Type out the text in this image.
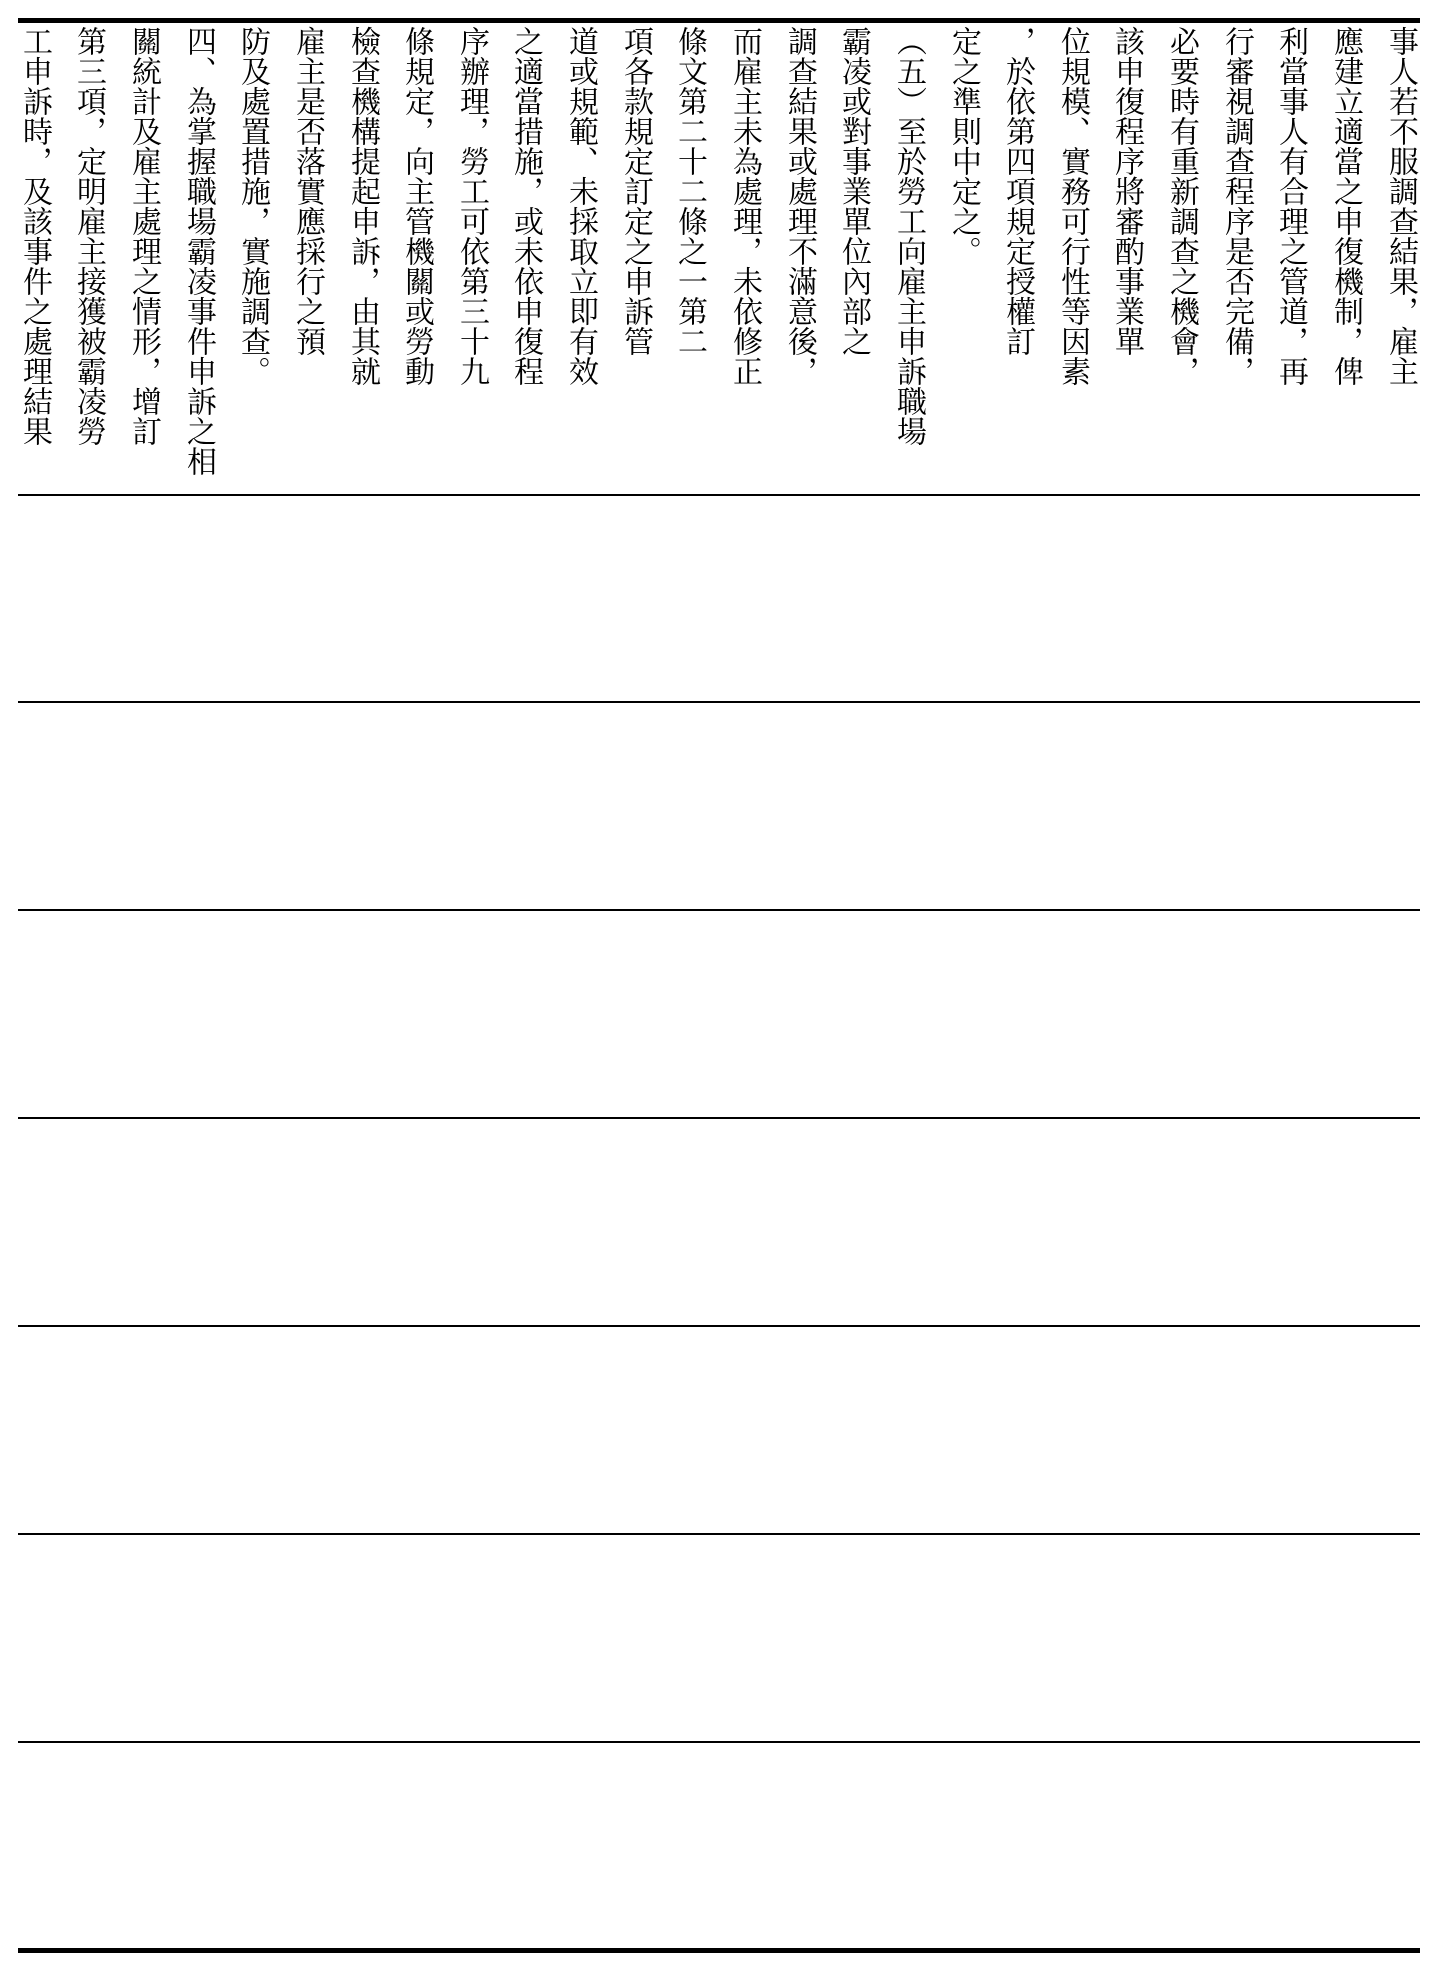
事人若不服調查結果，雇主
應建立適當之申復機制，俾
利當事人有合理之管道，再
行審視調查程序是否完備，
必要時有重新調查之機會，
該申復程序將審酌事業單
位規模、實務可行性等因素
，於依第四項規定授權訂
定之準則中定之。
（五）至於勞工向雇主申訴職場
霸凌或對事業單位內部之
調查結果或處理不滿意後，
而雇主未為處理，未依修正
條文第二十二條之一第二
項各款規定訂定之申訴管
道或規範、未採取立即有效
之適當措施，或未依申復程
序辦理，勞工可依第三十九
條規定，向主管機關或勞動
檢查機構提起申訴，由其就
雇主是否落實應採行之預
防及處置措施，實施調查。
四、為掌握職場霸凌事件申訴之相
關統計及雇主處理之情形，增訂
第三項，定明雇主接獲被霸凌勞
工申訴時，及該事件之處理結果
